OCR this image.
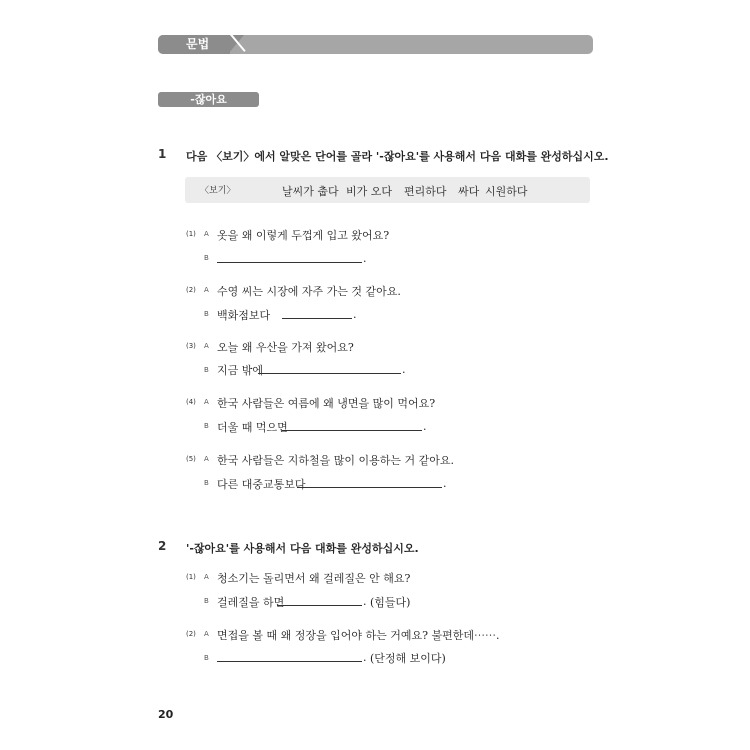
문법
-잖아요
1 다음 〈보기〉에서 알맞은 단어를 골라 '-잖아요'를 사용해서 다음 대화를 완성하십시오.
〈보기〉	날씨가 춥다 비가 오다 편리하다 싸다 시원하다
(1) A 옷을 왜 이렇게 두껍게 입고 왔어요?
B	.
(2) A 수영 씨는 시장에 자주 가는 것 같아요.
B 백화점보다	.
(3) A 오늘 왜 우산을 가져 왔어요?
B 지금 밖에	.
(4) A 한국 사람들은 여름에 왜 냉면을 많이 먹어요?
B 더울 때 먹으면	.
(5) A 한국 사람들은 지하철을 많이 이용하는 거 같아요.
B 다른 대중교통보다	.
2 '-잖아요'를 사용해서 다음 대화를 완성하십시오.
(1) A 청소기는 돌리면서 왜 걸레질은 안 해요?
B 걸레질을 하면	. (힘들다)
(2) A 면접을 볼 때 왜 정장을 입어야 하는 거예요? 불편한데⋯⋯.
B	. (단정해 보이다)
20
